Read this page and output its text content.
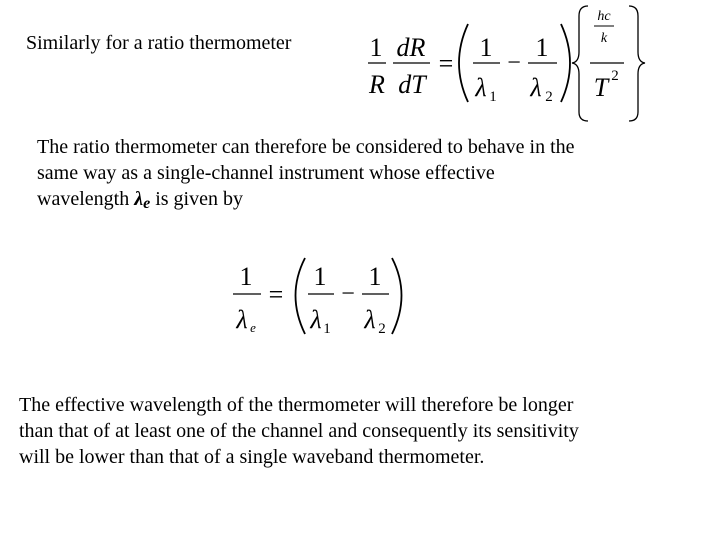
Similarly for a ratio thermometer	1
R
dR
dT
=
1
λ 1
−
1
λ 2
hc
k
T 2
The ratio thermometer can therefore be considered to behave in the
same way as a single-channel instrument whose effective
wavelength λe is given by
1
λ e
=
1
λ 1
−
1
λ 2
The effective wavelength of the thermometer will therefore be longer
than that of at least one of the channel and consequently its sensitivity
will be lower than that of a single waveband thermometer.
